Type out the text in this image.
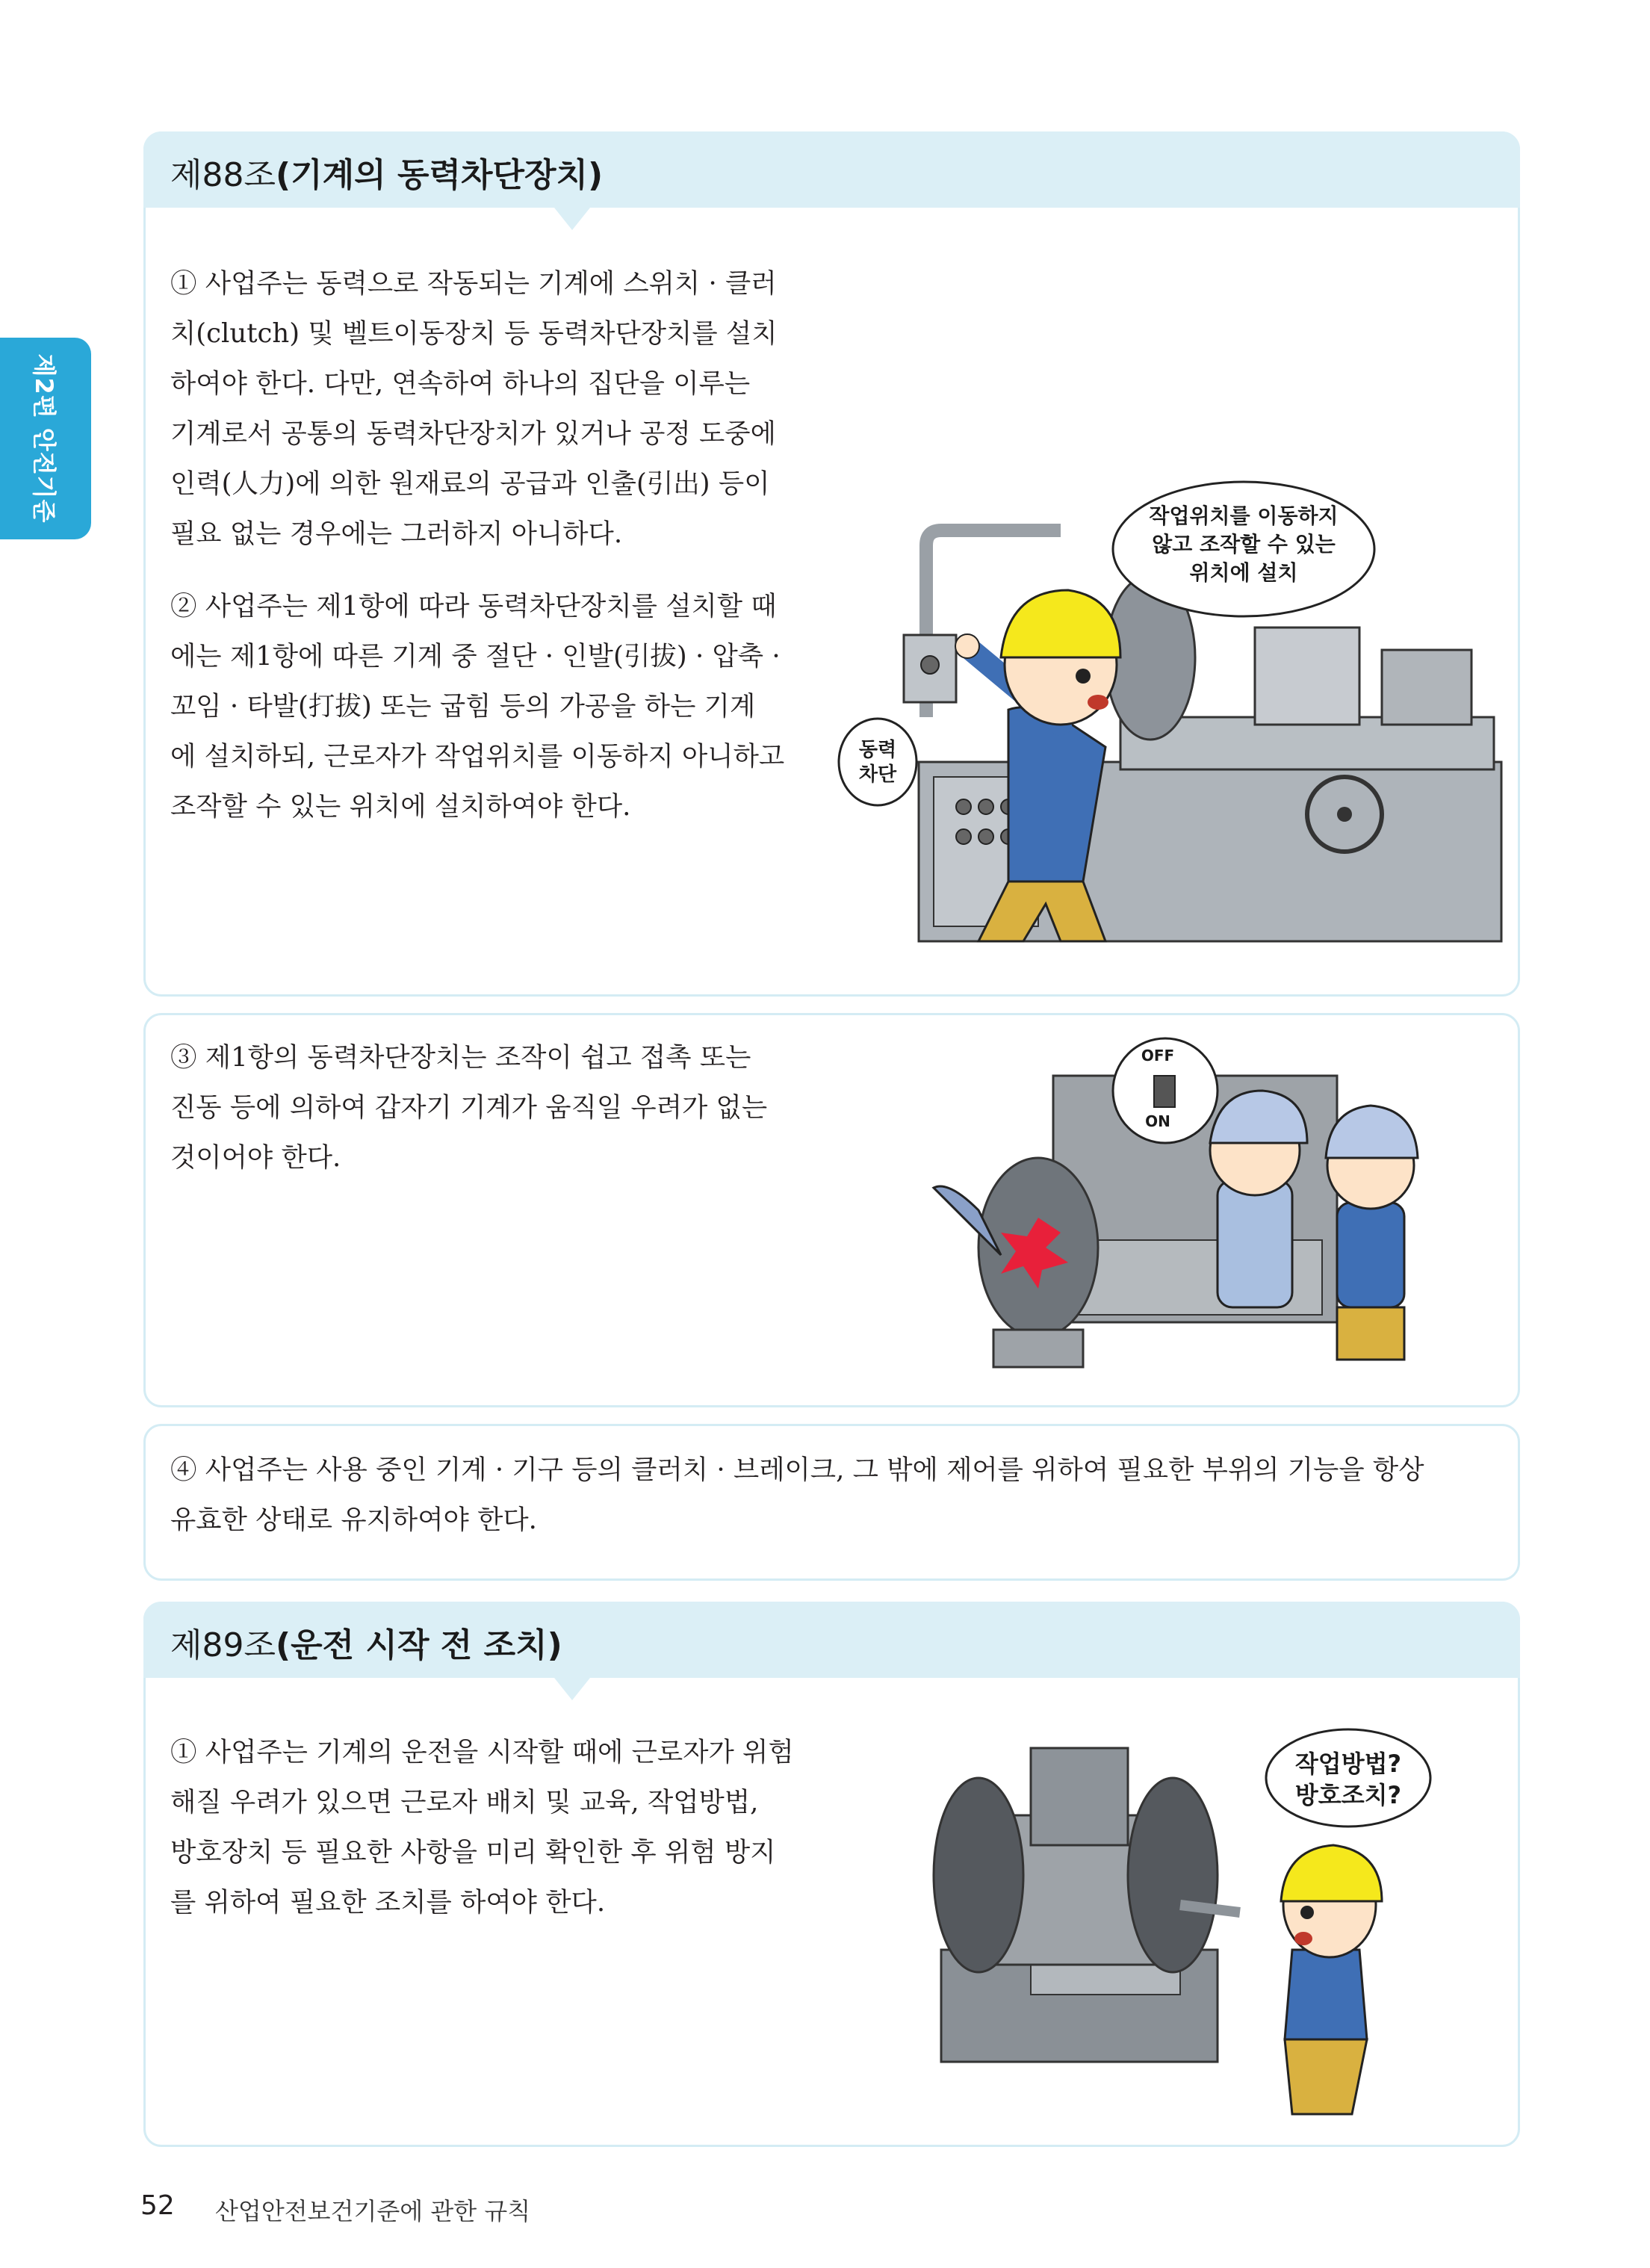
제2편 안전기준
제88조(기계의 동력차단장치)
① 사업주는 동력으로 작동되는 기계에 스위치 · 클러
치(clutch) 및 벨트이동장치 등 동력차단장치를 설치
하여야 한다. 다만, 연속하여 하나의 집단을 이루는
기계로서 공통의 동력차단장치가 있거나 공정 도중에
인력(人力)에 의한 원재료의 공급과 인출(引出) 등이
필요 없는 경우에는 그러하지 아니하다.
② 사업주는 제1항에 따라 동력차단장치를 설치할 때
에는 제1항에 따른 기계 중 절단 · 인발(引拔) · 압축 ·
꼬임 · 타발(打拔) 또는 굽힘 등의 가공을 하는 기계
에 설치하되, 근로자가 작업위치를 이동하지 아니하고
조작할 수 있는 위치에 설치하여야 한다.
작업위치를 이동하지
않고 조작할 수 있는
위치에 설치
동력
차단
③ 제1항의 동력차단장치는 조작이 쉽고 접촉 또는
진동 등에 의하여 갑자기 기계가 움직일 우려가 없는
것이어야 한다.
OFF
ON
④ 사업주는 사용 중인 기계 · 기구 등의 클러치 · 브레이크, 그 밖에 제어를 위하여 필요한 부위의 기능을 항상
유효한 상태로 유지하여야 한다.
제89조(운전 시작 전 조치)
① 사업주는 기계의 운전을 시작할 때에 근로자가 위험
해질 우려가 있으면 근로자 배치 및 교육, 작업방법,
방호장치 등 필요한 사항을 미리 확인한 후 위험 방지
를 위하여 필요한 조치를 하여야 한다.
작업방법?
방호조치?
52 산업안전보건기준에 관한 규칙
